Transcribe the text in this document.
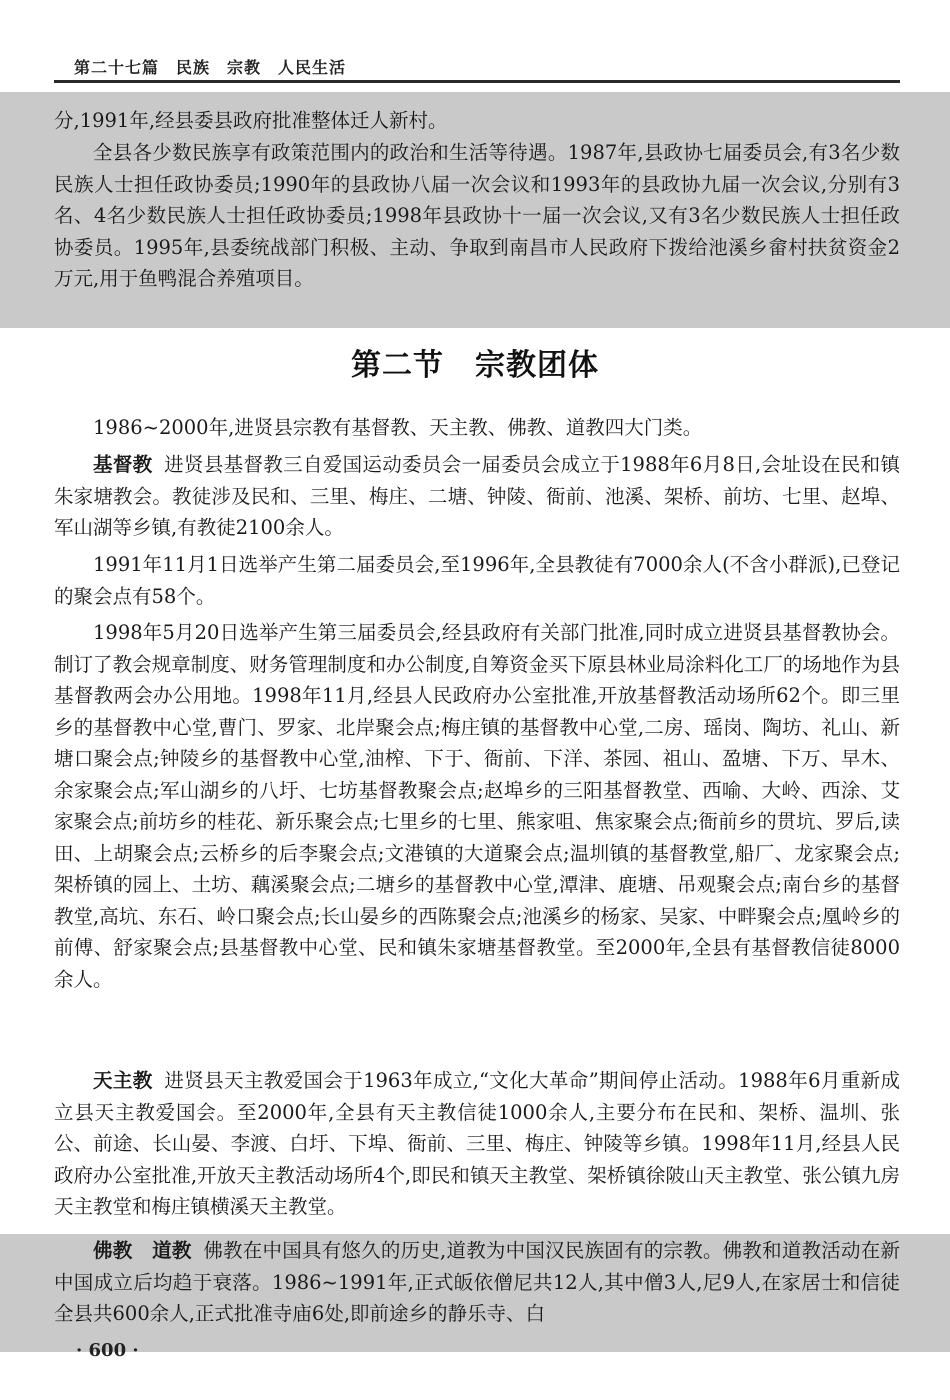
第二十七篇　民族　宗教　人民生活

分,1991年,经县委县政府批准整体迁人新村。

全县各少数民族享有政策范围内的政治和生活等待遇。1987年,县政协七届委员会,有3名少数民族人士担任政协委员;1990年的县政协八届一次会议和1993年的县政协九届一次会议,分别有3名、4名少数民族人士担任政协委员;1998年县政协十一届一次会议,又有3名少数民族人士担任政协委员。1995年,县委统战部门积极、主动、争取到南昌市人民政府下拨给池溪乡畲村扶贫资金2万元,用于鱼鸭混合养殖项目。

第二节　宗教团体

1986~2000年,进贤县宗教有基督教、天主教、佛教、道教四大门类。

基督教 进贤县基督教三自爱国运动委员会一届委员会成立于1988年6月8日,会址设在民和镇朱家塘教会。教徒涉及民和、三里、梅庄、二塘、钟陵、衙前、池溪、架桥、前坊、七里、赵埠、军山湖等乡镇,有教徒2100余人。

1991年11月1日选举产生第二届委员会,至1996年,全县教徒有7000余人(不含小群派),已登记的聚会点有58个。

1998年5月20日选举产生第三届委员会,经县政府有关部门批准,同时成立进贤县基督教协会。制订了教会规章制度、财务管理制度和办公制度,自筹资金买下原县林业局涂料化工厂的场地作为县基督教两会办公用地。1998年11月,经县人民政府办公室批准,开放基督教活动场所62个。即三里乡的基督教中心堂,曹门、罗家、北岸聚会点;梅庄镇的基督教中心堂,二房、瑶岗、陶坊、礼山、新塘口聚会点;钟陵乡的基督教中心堂,油榨、下于、衙前、下洋、茶园、祖山、盈塘、下万、早木、余家聚会点;军山湖乡的八圩、七坊基督教聚会点;赵埠乡的三阳基督教堂、西喻、大岭、西涂、艾家聚会点;前坊乡的桂花、新乐聚会点;七里乡的七里、熊家咀、焦家聚会点;衙前乡的贯坑、罗后,读田、上胡聚会点;云桥乡的后李聚会点;文港镇的大道聚会点;温圳镇的基督教堂,船厂、龙家聚会点;架桥镇的园上、土坊、藕溪聚会点;二塘乡的基督教中心堂,潭津、鹿塘、吊观聚会点;南台乡的基督教堂,高坑、东石、岭口聚会点;长山晏乡的西陈聚会点;池溪乡的杨家、吴家、中畔聚会点;凰岭乡的前傅、舒家聚会点;县基督教中心堂、民和镇朱家塘基督教堂。至2000年,全县有基督教信徒8000余人。

天主教 进贤县天主教爱国会于1963年成立,“文化大革命”期间停止活动。1988年6月重新成立县天主教爱国会。至2000年,全县有天主教信徒1000余人,主要分布在民和、架桥、温圳、张公、前途、长山晏、李渡、白圩、下埠、衙前、三里、梅庄、钟陵等乡镇。1998年11月,经县人民政府办公室批准,开放天主教活动场所4个,即民和镇天主教堂、架桥镇徐陂山天主教堂、张公镇九房天主教堂和梅庄镇横溪天主教堂。

佛教　道教 佛教在中国具有悠久的历史,道教为中国汉民族固有的宗教。佛教和道教活动在新中国成立后均趋于衰落。1986~1991年,正式皈依僧尼共12人,其中僧3人,尼9人,在家居士和信徒全县共600余人,正式批准寺庙6处,即前途乡的静乐寺、白

· 600 ·
